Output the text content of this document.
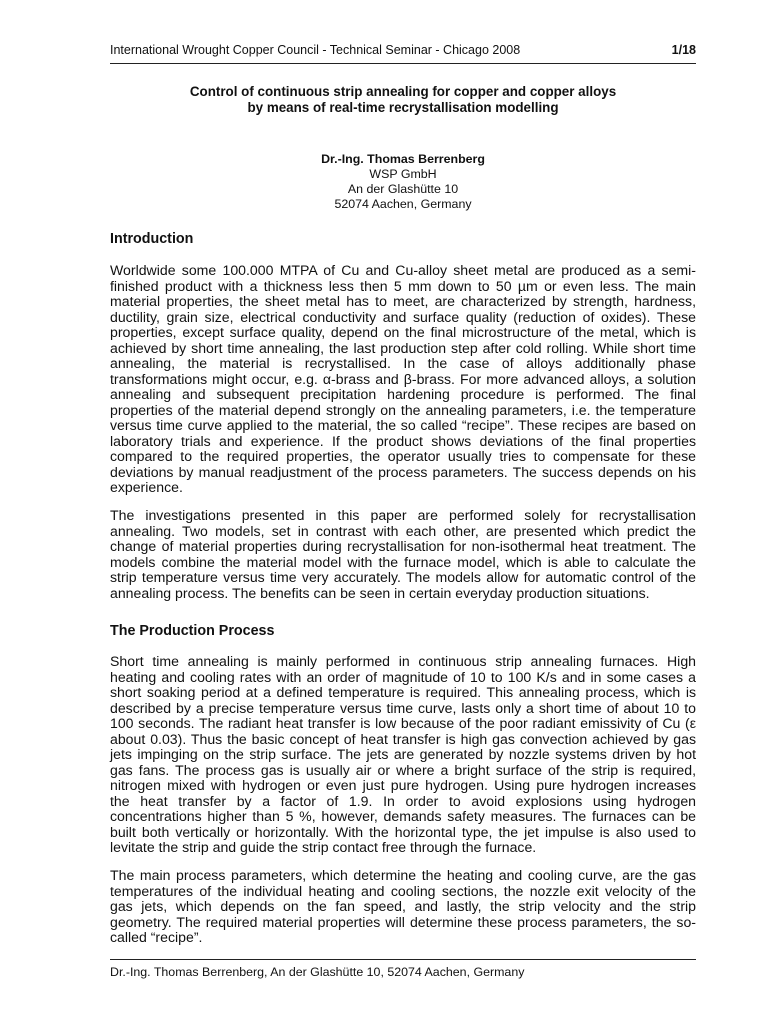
International Wrought Copper Council - Technical Seminar - Chicago 2008	1/18
Control of continuous strip annealing for copper and copper alloys
by means of real-time recrystallisation modelling
Dr.-Ing. Thomas Berrenberg
WSP GmbH
An der Glashütte 10
52074 Aachen, Germany
Introduction
Worldwide some 100.000 MTPA of Cu and Cu-alloy sheet metal are produced as a semi-
finished product with a thickness less then 5 mm down to 50 µm or even less. The main
material properties, the sheet metal has to meet, are characterized by strength, hardness,
ductility, grain size, electrical conductivity and surface quality (reduction of oxides). These
properties, except surface quality, depend on the final microstructure of the metal, which is
achieved by short time annealing, the last production step after cold rolling. While short time
annealing, the material is recrystallised. In the case of alloys additionally phase
transformations might occur, e.g. α-brass and β-brass. For more advanced alloys, a solution
annealing and subsequent precipitation hardening procedure is performed. The final
properties of the material depend strongly on the annealing parameters, i.e. the temperature
versus time curve applied to the material, the so called “recipe”. These recipes are based on
laboratory trials and experience. If the product shows deviations of the final properties
compared to the required properties, the operator usually tries to compensate for these
deviations by manual readjustment of the process parameters. The success depends on his
experience.
The investigations presented in this paper are performed solely for recrystallisation
annealing. Two models, set in contrast with each other, are presented which predict the
change of material properties during recrystallisation for non-isothermal heat treatment. The
models combine the material model with the furnace model, which is able to calculate the
strip temperature versus time very accurately. The models allow for automatic control of the
annealing process. The benefits can be seen in certain everyday production situations.
The Production Process
Short time annealing is mainly performed in continuous strip annealing furnaces. High
heating and cooling rates with an order of magnitude of 10 to 100 K/s and in some cases a
short soaking period at a defined temperature is required. This annealing process, which is
described by a precise temperature versus time curve, lasts only a short time of about 10 to
100 seconds. The radiant heat transfer is low because of the poor radiant emissivity of Cu (ε
about 0.03). Thus the basic concept of heat transfer is high gas convection achieved by gas
jets impinging on the strip surface. The jets are generated by nozzle systems driven by hot
gas fans. The process gas is usually air or where a bright surface of the strip is required,
nitrogen mixed with hydrogen or even just pure hydrogen. Using pure hydrogen increases
the heat transfer by a factor of 1.9. In order to avoid explosions using hydrogen
concentrations higher than 5 %, however, demands safety measures. The furnaces can be
built both vertically or horizontally. With the horizontal type, the jet impulse is also used to
levitate the strip and guide the strip contact free through the furnace.
The main process parameters, which determine the heating and cooling curve, are the gas
temperatures of the individual heating and cooling sections, the nozzle exit velocity of the
gas jets, which depends on the fan speed, and lastly, the strip velocity and the strip
geometry. The required material properties will determine these process parameters, the so-
called “recipe”.
Dr.-Ing. Thomas Berrenberg, An der Glashütte 10, 52074 Aachen, Germany
